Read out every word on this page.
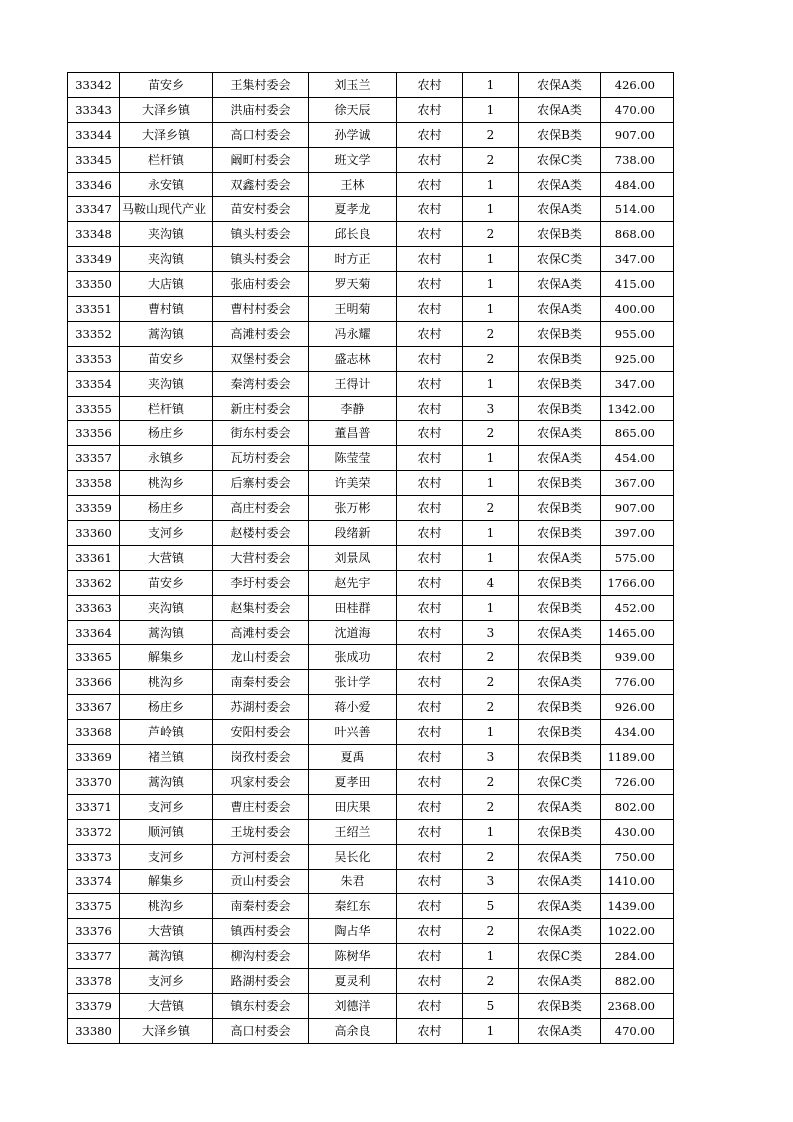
33342	苗安乡	王集村委会	刘玉兰	农村	1	农保A类	426.00
33343	大泽乡镇	洪庙村委会	徐天辰	农村	1	农保A类	470.00
33344	大泽乡镇	高口村委会	孙学诚	农村	2	农保B类	907.00
33345	栏杆镇	阚町村委会	班文学	农村	2	农保C类	738.00
33346	永安镇	双鑫村委会	王林	农村	1	农保A类	484.00
33347	马鞍山现代产业	苗安村委会	夏孝龙	农村	1	农保A类	514.00
33348	夹沟镇	镇头村委会	邱长良	农村	2	农保B类	868.00
33349	夹沟镇	镇头村委会	时方正	农村	1	农保C类	347.00
33350	大店镇	张庙村委会	罗天菊	农村	1	农保A类	415.00
33351	曹村镇	曹村村委会	王明菊	农村	1	农保A类	400.00
33352	蒿沟镇	高滩村委会	冯永耀	农村	2	农保B类	955.00
33353	苗安乡	双堡村委会	盛志林	农村	2	农保B类	925.00
33354	夹沟镇	秦湾村委会	王得计	农村	1	农保B类	347.00
33355	栏杆镇	新庄村委会	李静	农村	3	农保B类	1342.00
33356	杨庄乡	街东村委会	董昌普	农村	2	农保A类	865.00
33357	永镇乡	瓦坊村委会	陈莹莹	农村	1	农保A类	454.00
33358	桃沟乡	后寨村委会	许美荣	农村	1	农保B类	367.00
33359	杨庄乡	高庄村委会	张万彬	农村	2	农保B类	907.00
33360	支河乡	赵楼村委会	段绪新	农村	1	农保B类	397.00
33361	大营镇	大营村委会	刘景凤	农村	1	农保A类	575.00
33362	苗安乡	李圩村委会	赵先宇	农村	4	农保B类	1766.00
33363	夹沟镇	赵集村委会	田桂群	农村	1	农保B类	452.00
33364	蒿沟镇	高滩村委会	沈道海	农村	3	农保A类	1465.00
33365	解集乡	龙山村委会	张成功	农村	2	农保B类	939.00
33366	桃沟乡	南秦村委会	张计学	农村	2	农保A类	776.00
33367	杨庄乡	苏湖村委会	蒋小爱	农村	2	农保B类	926.00
33368	芦岭镇	安阳村委会	叶兴善	农村	1	农保B类	434.00
33369	褚兰镇	岗孜村委会	夏禹	农村	3	农保B类	1189.00
33370	蒿沟镇	巩家村委会	夏孝田	农村	2	农保C类	726.00
33371	支河乡	曹庄村委会	田庆果	农村	2	农保A类	802.00
33372	顺河镇	王垅村委会	王绍兰	农村	1	农保B类	430.00
33373	支河乡	方河村委会	吴长化	农村	2	农保A类	750.00
33374	解集乡	贡山村委会	朱君	农村	3	农保A类	1410.00
33375	桃沟乡	南秦村委会	秦红东	农村	5	农保A类	1439.00
33376	大营镇	镇西村委会	陶占华	农村	2	农保A类	1022.00
33377	蒿沟镇	柳沟村委会	陈树华	农村	1	农保C类	284.00
33378	支河乡	路湖村委会	夏灵利	农村	2	农保A类	882.00
33379	大营镇	镇东村委会	刘德洋	农村	5	农保B类	2368.00
33380	大泽乡镇	高口村委会	高余良	农村	1	农保A类	470.00
